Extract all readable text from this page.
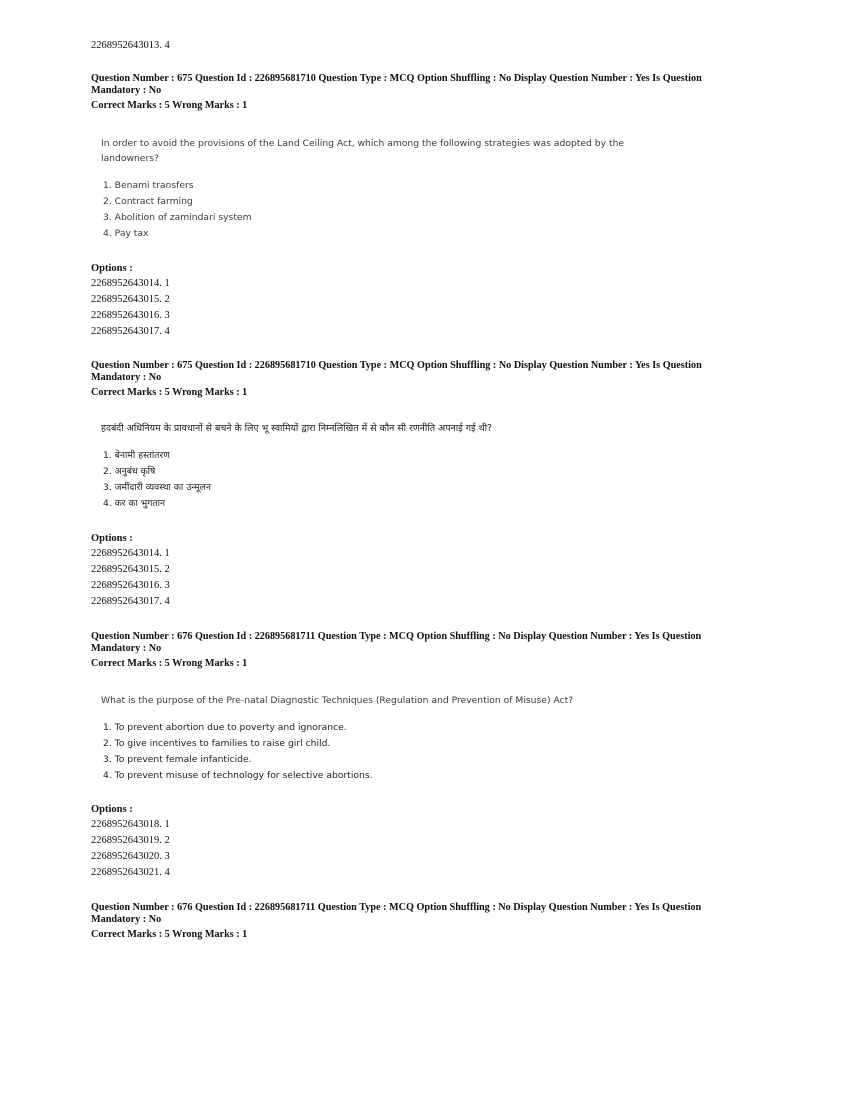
2268952643013. 4
Question Number : 675 Question Id : 226895681710 Question Type : MCQ Option Shuffling : No Display Question Number : Yes Is Question
Mandatory : No
Correct Marks : 5 Wrong Marks : 1
In order to avoid the provisions of the Land Ceiling Act, which among the following strategies was adopted by the
landowners?
1. Benami transfers
2. Contract farming
3. Abolition of zamindari system
4. Pay tax
Options :
2268952643014. 1
2268952643015. 2
2268952643016. 3
2268952643017. 4
Question Number : 675 Question Id : 226895681710 Question Type : MCQ Option Shuffling : No Display Question Number : Yes Is Question
Mandatory : No
Correct Marks : 5 Wrong Marks : 1
हदबंदी अधिनियम के प्रावधानों से बचने के लिए भू स्वामियों द्वारा निम्नलिखित में से कौन सी रणनीति अपनाई गई थी?
1. बेनामी हस्तांतरण
2. अनुबंध कृषि
3. जमींदारी व्यवस्था का उन्मूलन
4. कर का भुगतान
Options :
2268952643014. 1
2268952643015. 2
2268952643016. 3
2268952643017. 4
Question Number : 676 Question Id : 226895681711 Question Type : MCQ Option Shuffling : No Display Question Number : Yes Is Question
Mandatory : No
Correct Marks : 5 Wrong Marks : 1
What is the purpose of the Pre-natal Diagnostic Techniques (Regulation and Prevention of Misuse) Act?
1. To prevent abortion due to poverty and ignorance.
2. To give incentives to families to raise girl child.
3. To prevent female infanticide.
4. To prevent misuse of technology for selective abortions.
Options :
2268952643018. 1
2268952643019. 2
2268952643020. 3
2268952643021. 4
Question Number : 676 Question Id : 226895681711 Question Type : MCQ Option Shuffling : No Display Question Number : Yes Is Question
Mandatory : No
Correct Marks : 5 Wrong Marks : 1
